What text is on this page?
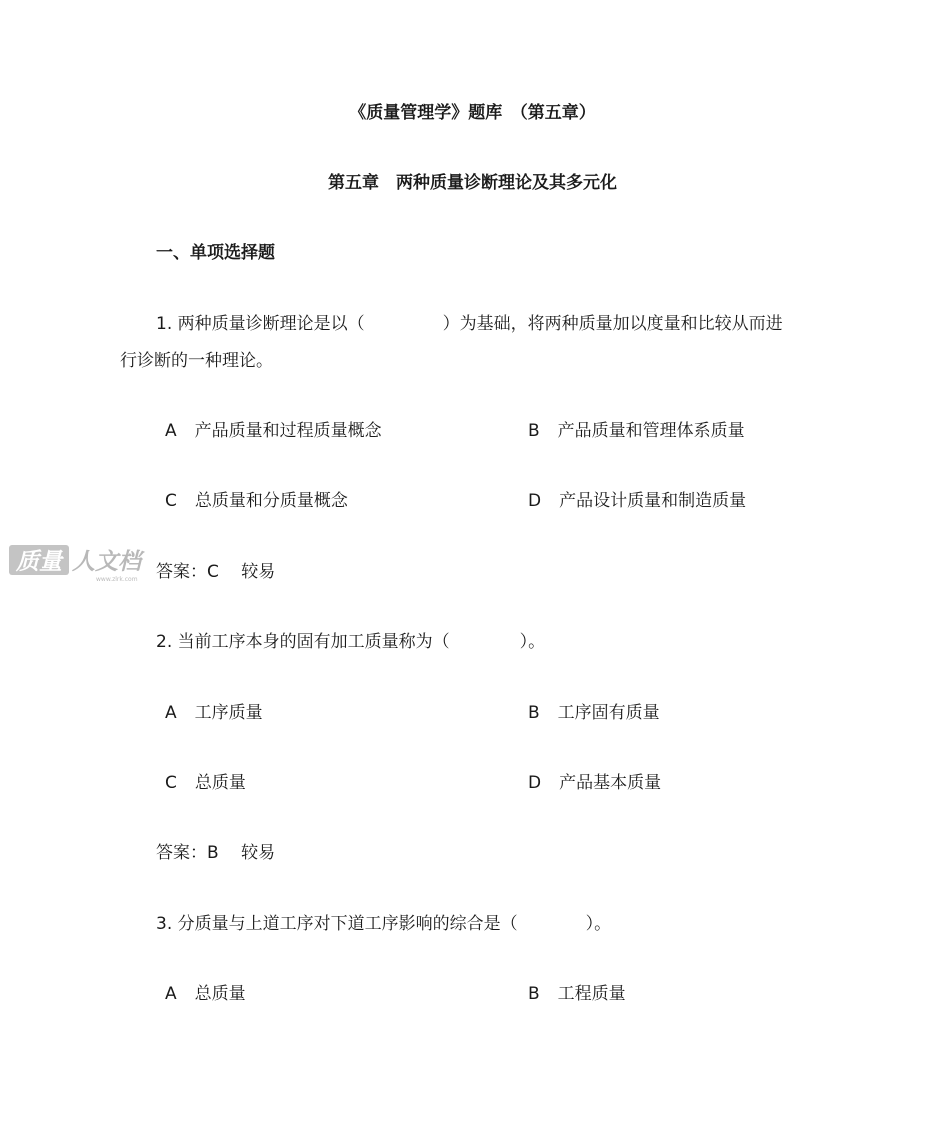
《质量管理学》题库　（第五章）
第五章　两种质量诊断理论及其多元化
一、单项选择题
1. 两种质量诊断理论是以（	）为基础，将两种质量加以度量和比较从而进
行诊断的一种理论。
A 产品质量和过程质量概念	B 产品质量和管理体系质量
C 总质量和分质量概念	D 产品设计质量和制造质量
答案：C　 较易
2. 当前工序本身的固有加工质量称为（	）。
A 工序质量	B 工序固有质量
C 总质量	D 产品基本质量
答案：B　 较易
3. 分质量与上道工序对下道工序影响的综合是（	）。
A 总质量	B 工程质量
质量 人文档
www.zlrk.com
